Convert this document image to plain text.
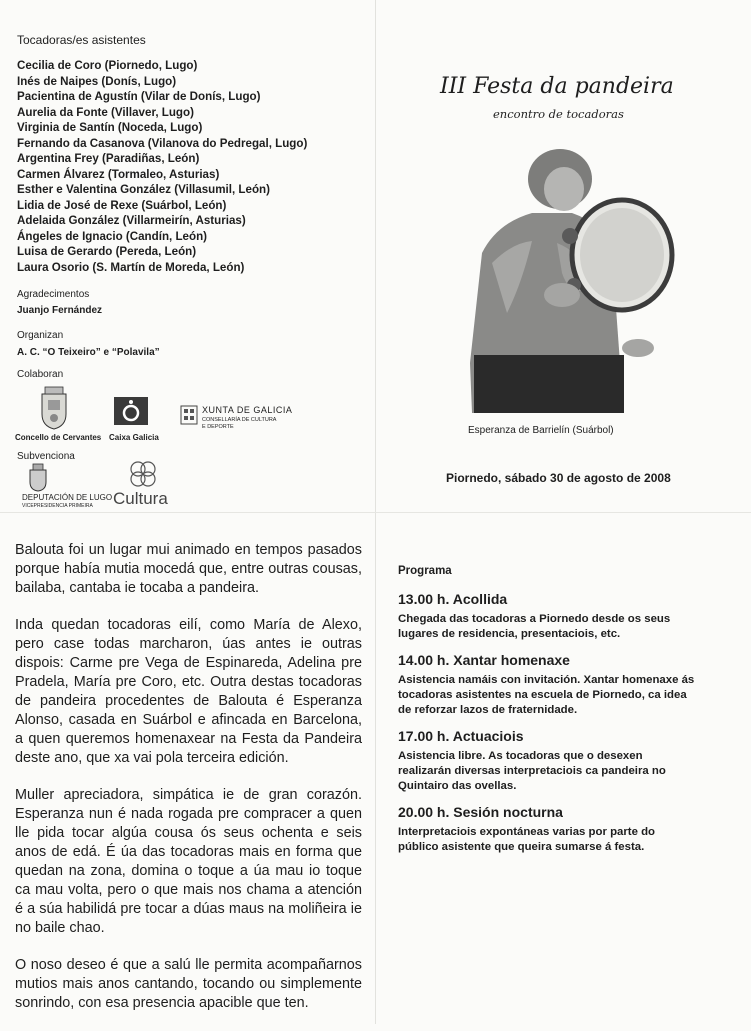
Tocadoras/es asistentes
Cecilia de Coro (Piornedo, Lugo)
Inés de Naipes (Donís, Lugo)
Pacientina de Agustín (Vilar de Donís, Lugo)
Aurelia da Fonte (Villaver, Lugo)
Virginia de Santín (Noceda, Lugo)
Fernando da Casanova (Vilanova do Pedregal, Lugo)
Argentina Frey (Paradiñas, León)
Carmen Álvarez (Tormaleo, Asturias)
Esther e Valentina González (Villasumil, León)
Lidia de José de Rexe (Suárbol, León)
Adelaida González (Villarmeirín, Asturias)
Ángeles de Ignacio (Candín, León)
Luisa de Gerardo (Pereda, León)
Laura Osorio (S. Martín de Moreda, León)
Agradecimentos
Juanjo Fernández
Organizan
A. C. “O Teixeiro” e “Polavila”
Colaboran
Concello de Cervantes Caixa Galicia
XUNTA DE GALICIA
CONSELLARÍA DE CULTURA
E DEPORTE
Subvenciona
DEPUTACIÓN DE LUGO
VICEPRESIDENCIA PRIMEIRA Cultura
III Festa da pandeira
encontro de tocadoras
Esperanza de Barrielín (Suárbol)
Piornedo, sábado 30 de agosto de 2008

Balouta foi un lugar mui animado en tempos pasados porque había mutia mocedá que, entre outras cousas, bailaba, cantaba ie tocaba a pandeira.

Inda quedan tocadoras eilí, como María de Alexo, pero case todas marcharon, úas antes ie outras dispois: Carme pre Vega de Espinareda, Adelina pre Pradela, María pre Coro, etc. Outra destas tocadoras de pandeira procedentes de Balouta é Esperanza Alonso, casada en Suárbol e afincada en Barcelona, a quen queremos homenaxear na Festa da Pandeira deste ano, que xa vai pola terceira edición.

Muller apreciadora, simpática ie de gran corazón. Esperanza nun é nada rogada pre compracer a quen lle pida tocar algúa cousa ós seus ochenta e seis anos de edá. É úa das tocadoras mais en forma que quedan na zona, domina o toque a úa mau io toque ca mau volta, pero o que mais nos chama a atención é a súa habilidá pre tocar a dúas maus na moliñeira ie no baile chao.

O noso deseo é que a salú lle permita acompañarnos mutios mais anos cantando, tocando ou simplemente sonrindo, con esa presencia apacible que ten.

Programa
13.00 h. Acollida
Chegada das tocadoras a Piornedo desde os seus lugares de residencia, presentaciois, etc.
14.00 h. Xantar homenaxe
Asistencia namáis con invitación. Xantar homenaxe ás tocadoras asistentes na escuela de Piornedo, ca idea de reforzar lazos de fraternidade.
17.00 h. Actuaciois
Asistencia libre. As tocadoras que o desexen realizarán diversas interpretaciois ca pandeira no Quintairo das ovellas.
20.00 h. Sesión nocturna
Interpretaciois expontáneas varias por parte do público asistente que queira sumarse á festa.
